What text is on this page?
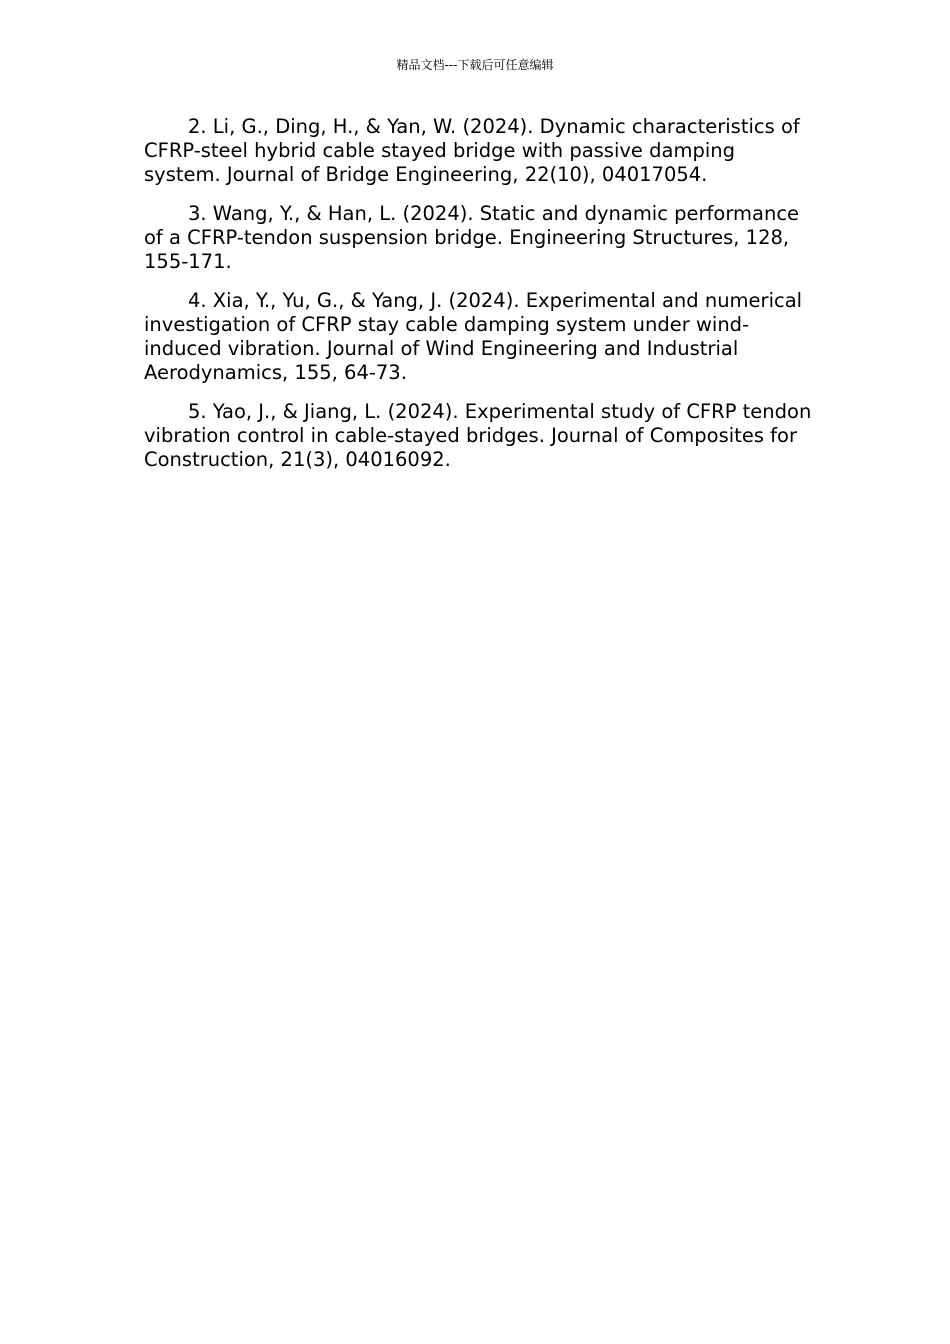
精品文档---下载后可任意编辑

2. Li, G., Ding, H., & Yan, W. (2024). Dynamic characteristics of CFRP-steel hybrid cable stayed bridge with passive damping system. Journal of Bridge Engineering, 22(10), 04017054.

3. Wang, Y., & Han, L. (2024). Static and dynamic performance of a CFRP-tendon suspension bridge. Engineering Structures, 128, 155-171.

4. Xia, Y., Yu, G., & Yang, J. (2024). Experimental and numerical investigation of CFRP stay cable damping system under wind-induced vibration. Journal of Wind Engineering and Industrial Aerodynamics, 155, 64-73.

5. Yao, J., & Jiang, L. (2024). Experimental study of CFRP tendon vibration control in cable-stayed bridges. Journal of Composites for Construction, 21(3), 04016092.
